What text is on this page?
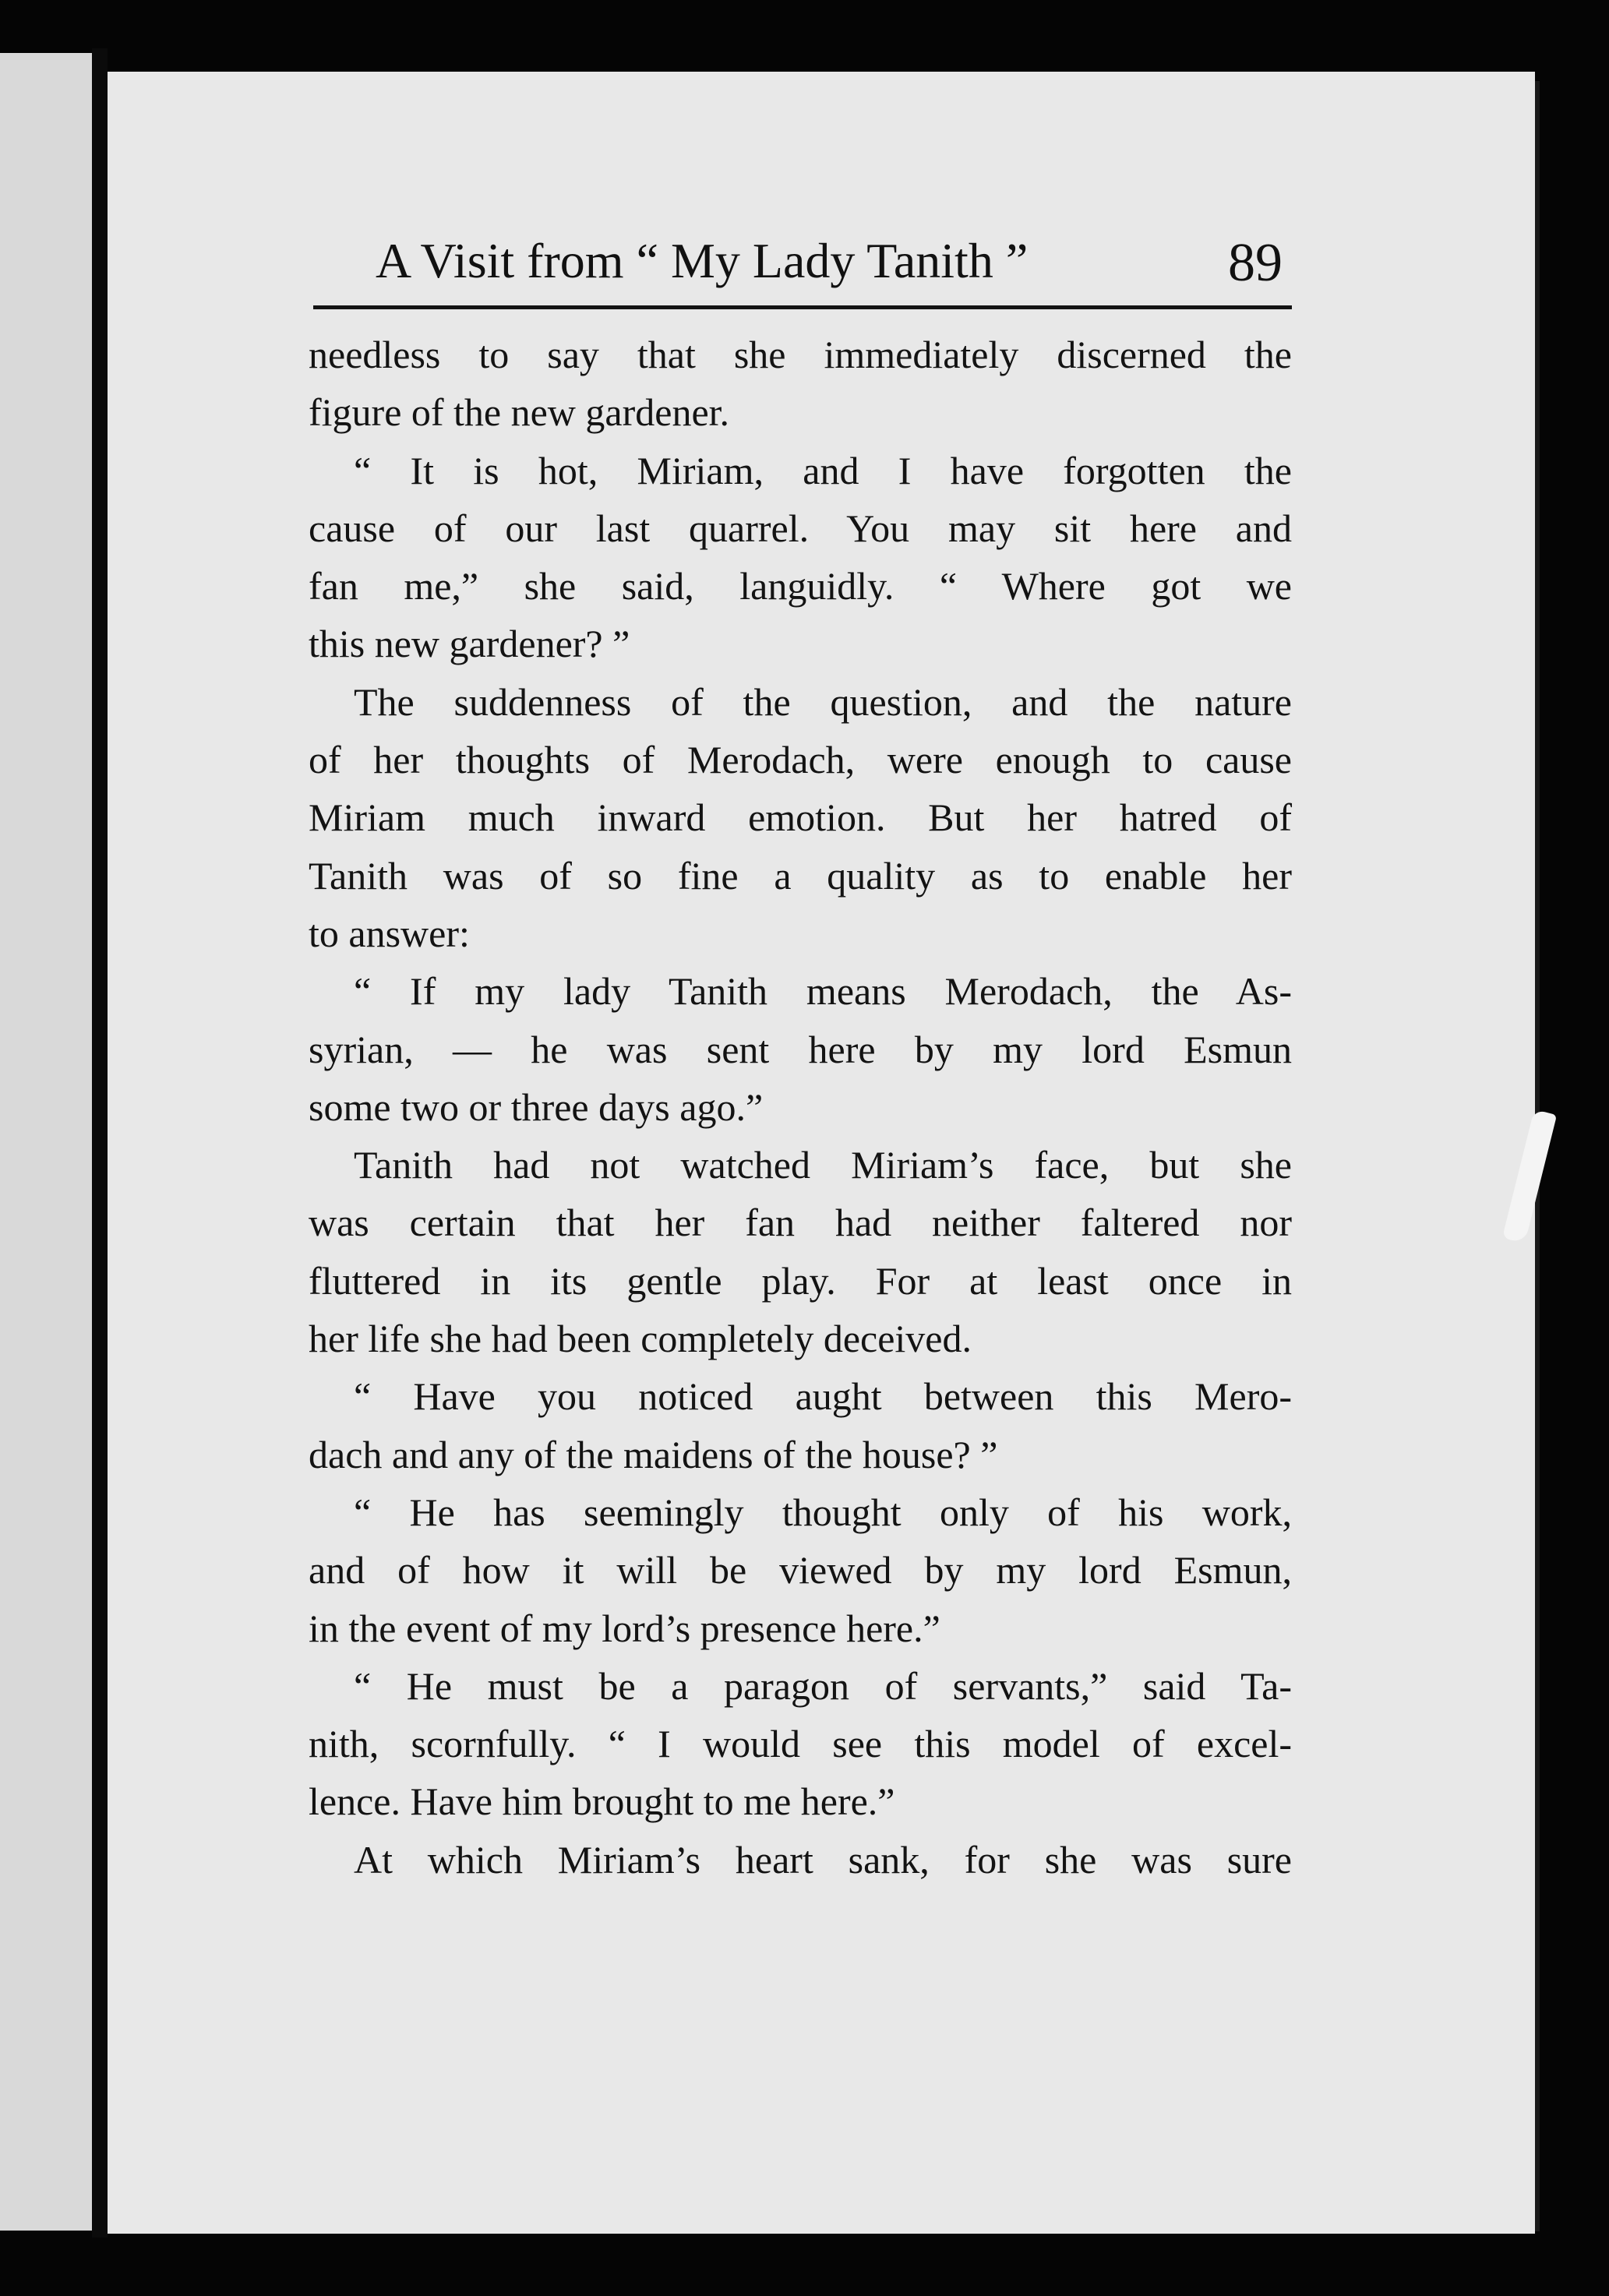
A Visit from “ My Lady Tanith ”	89
needless to say that she immediately discerned the
figure of the new gardener.
“ It is hot, Miriam, and I have forgotten the
cause of our last quarrel. You may sit here and
fan me,” she said, languidly. “ Where got we
this new gardener? ”
The suddenness of the question, and the nature
of her thoughts of Merodach, were enough to cause
Miriam much inward emotion. But her hatred of
Tanith was of so fine a quality as to enable her
to answer:
“ If my lady Tanith means Merodach, the As-
syrian, — he was sent here by my lord Esmun
some two or three days ago.”
Tanith had not watched Miriam’s face, but she
was certain that her fan had neither faltered nor
fluttered in its gentle play. For at least once in
her life she had been completely deceived.
“ Have you noticed aught between this Mero-
dach and any of the maidens of the house? ”
“ He has seemingly thought only of his work,
and of how it will be viewed by my lord Esmun,
in the event of my lord’s presence here.”
“ He must be a paragon of servants,” said Ta-
nith, scornfully. “ I would see this model of excel-
lence. Have him brought to me here.”
At which Miriam’s heart sank, for she was sure
